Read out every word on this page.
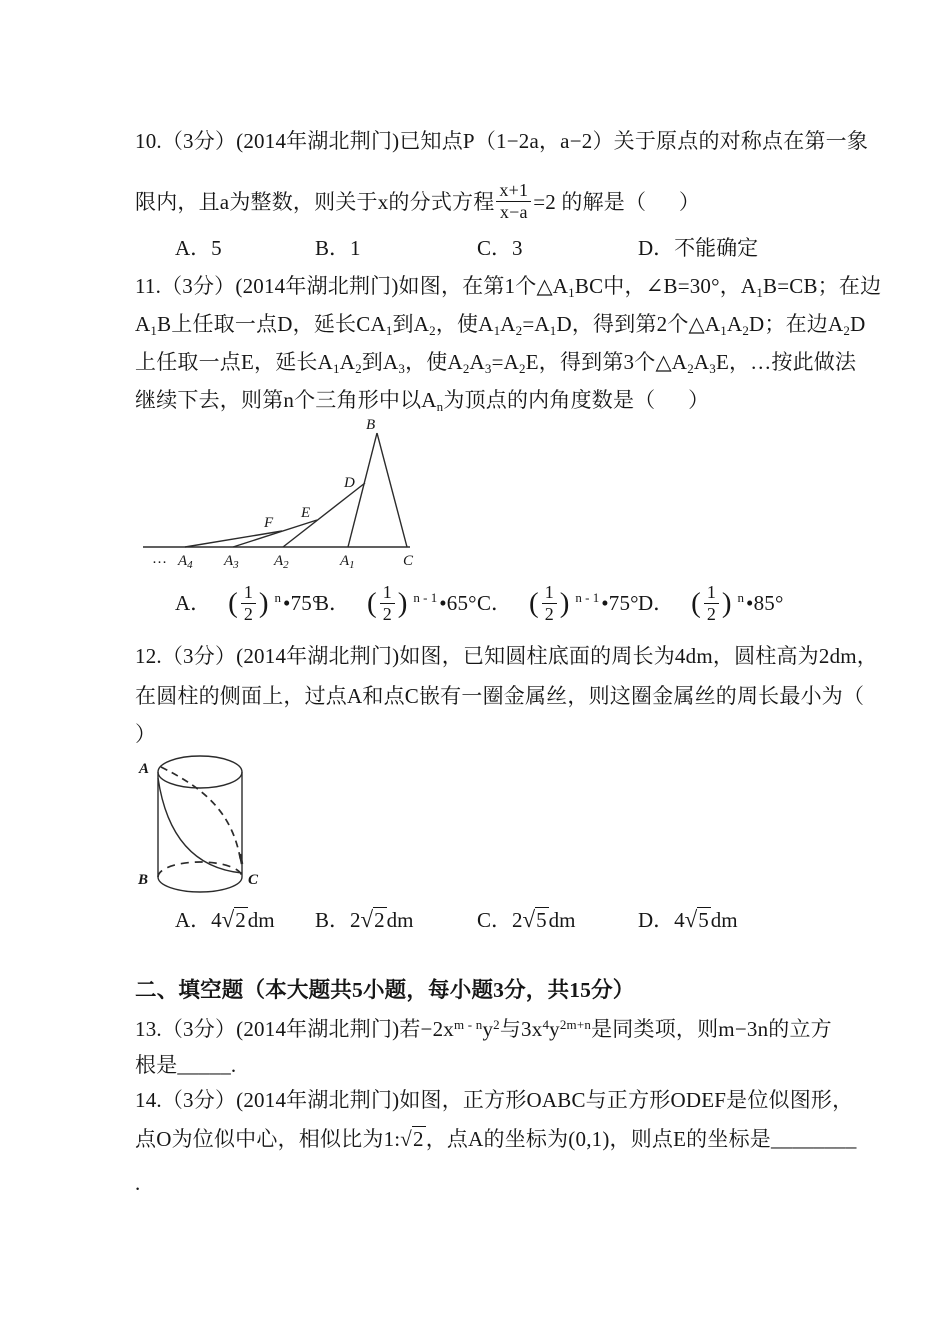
10.（3分）(2014年湖北荆门)已知点P（1−2a，a−2）关于原点的对称点在第一象
限内，且a为整数，则关于x的分式方程 $\frac{x+1}{x-a} =2$ 的解是（      ）
A．5	B．1	C．3	D．不能确定
11.（3分）(2014年湖北荆门)如图，在第1个$\triangle A_1BC$中，∠B=30°，$A_1B=CB$；在边
$A_1B$上任取一点D，延长$CA_1$到$A_2$，使$A_1A_2=A_1D$，得到第2个$\triangle A_1A_2D$；在边$A_2D$
上任取一点E，延长$A_1A_2$到$A_3$，使$A_2A_3=A_2E$，得到第3个$\triangle A_2A_3E$，…按此做法
继续下去，则第n个三角形中以$A_n$为顶点的内角度数是（      ）
B
C
D
E
F
…	$A_1$
$A_2$
$A_3$
$A_4$
A． ( $\frac{1}{2}$ ) n •75°
B． ( $\frac{1}{2}$ ) n - 1 •65° C． ( $\frac{1}{2}$ ) n - 1 •75° D． ( $\frac{1}{2}$ ) n •85°
12.（3分）(2014年湖北荆门)如图，已知圆柱底面的周长为4dm，圆柱高为2dm，
在圆柱的侧面上，过点A和点C嵌有一圈金属丝，则这圈金属丝的周长最小为（
）
A
B	C
A．4√2dm B．2√2dm	C．2√5dm	D．4√5dm
二、填空题（本大题共5小题，每小题3分，共15分）
13.（3分）(2014年湖北荆门)若$-2x^{m - n}y^2$与$3x^4y^{2m+n}$是同类项，则m−3n的立方
根是_____.
14.（3分）(2014年湖北荆门)如图，正方形OABC与正方形ODEF是位似图形，
点O为位似中心，相似比为1:√2，点A的坐标为(0,1)，则点E的坐标是________
.
